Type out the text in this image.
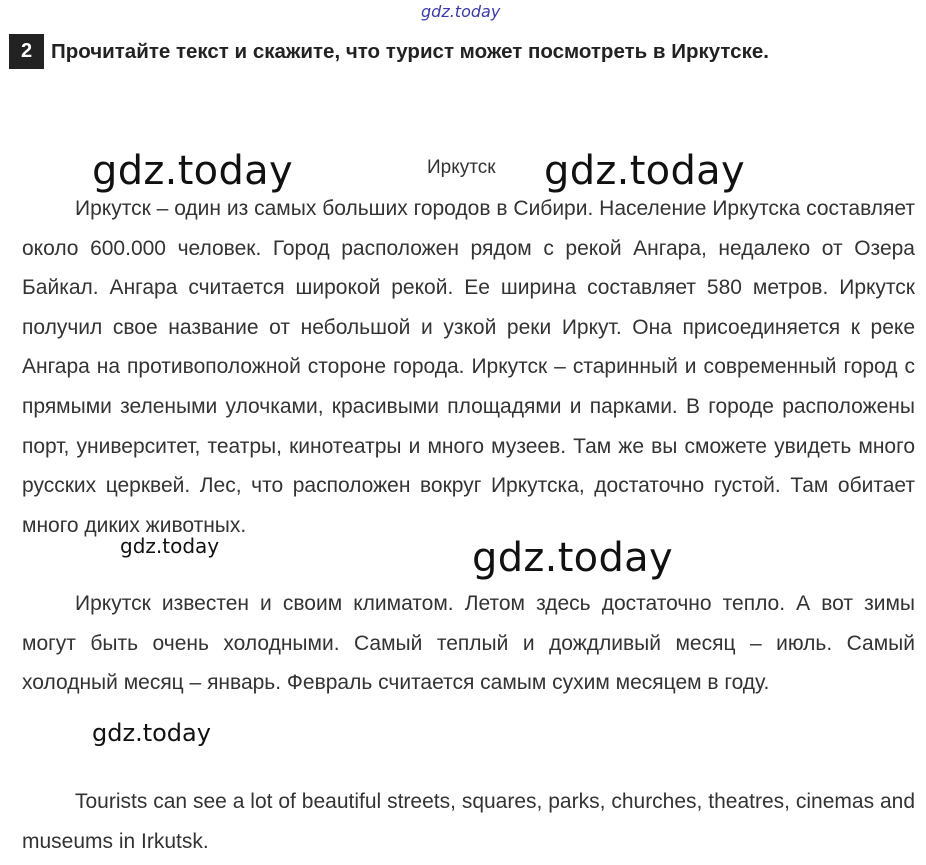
gdz.today
2 Прочитайте текст и скажите, что турист может посмотреть в Иркутске.
gdz.today	Иркутск gdz.today
Иркутск – один из самых больших городов в Сибири. Население Иркутска составляет около 600.000 человек. Город расположен рядом с рекой Ангара, недалеко от Озера Байкал. Ангара считается широкой рекой. Ее ширина составляет 580 метров. Иркутск получил свое название от небольшой и узкой реки Иркут. Она присоединяется к реке Ангара на противоположной стороне города. Иркутск – старинный и современный город с прямыми зелеными улочками, красивыми площадями и парками. В городе расположены порт, университет, театры, кинотеатры и много музеев. Там же вы сможете увидеть много русских церквей. Лес, что расположен вокруг Иркутска, достаточно густой. Там обитает много диких животных.
gdz.today	gdz.today
Иркутск известен и своим климатом. Летом здесь достаточно тепло. А вот зимы могут быть очень холодными. Самый теплый и дождливый месяц – июль. Самый холодный месяц – январь. Февраль считается самым сухим месяцем в году.
gdz.today
Tourists can see a lot of beautiful streets, squares, parks, churches, theatres, cinemas and museums in Irkutsk.
